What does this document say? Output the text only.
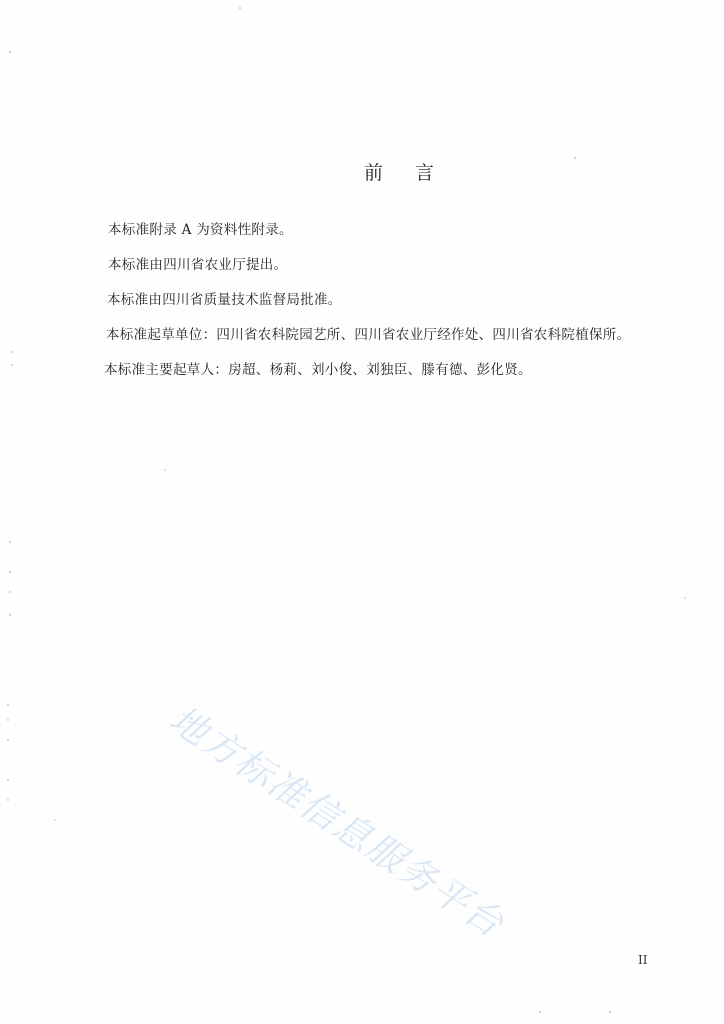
前 言
本标准附录 A 为资料性附录。
本标准由四川省农业厅提出。
本标准由四川省质量技术监督局批准。
本标准起草单位：四川省农科院园艺所、四川省农业厅经作处、四川省农科院植保所。
本标准主要起草人：房超、杨莉、刘小俊、刘独臣、滕有德、彭化贤。
地方标准信息服务平台
II
